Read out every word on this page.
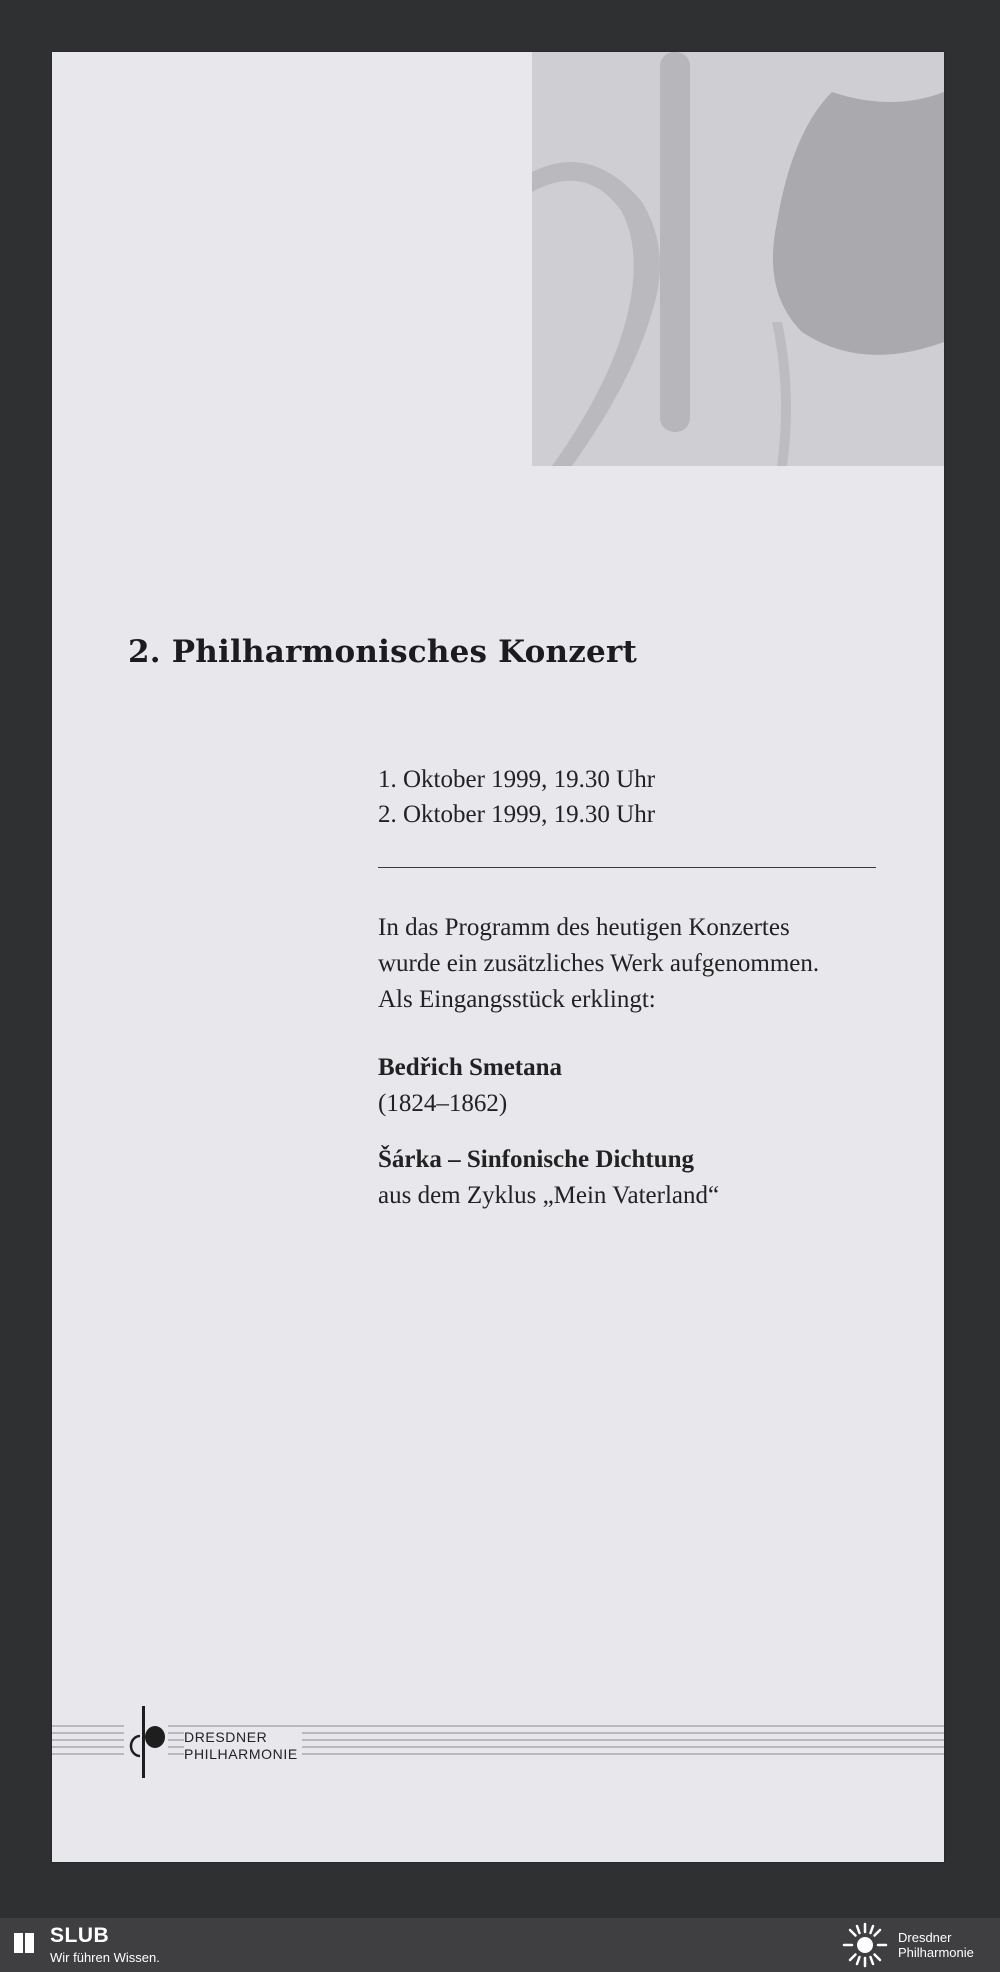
2. Philharmonisches Konzert
1. Oktober 1999, 19.30 Uhr
2. Oktober 1999, 19.30 Uhr
In das Programm des heutigen Konzertes
wurde ein zusätzliches Werk aufgenommen.
Als Eingangsstück erklingt:
Bedřich Smetana
(1824–1862)
Šárka – Sinfonische Dichtung
aus dem Zyklus „Mein Vaterland“
DRESDNER
PHILHARMONIE
SLUB
Wir führen Wissen.
Dresdner
Philharmonie
